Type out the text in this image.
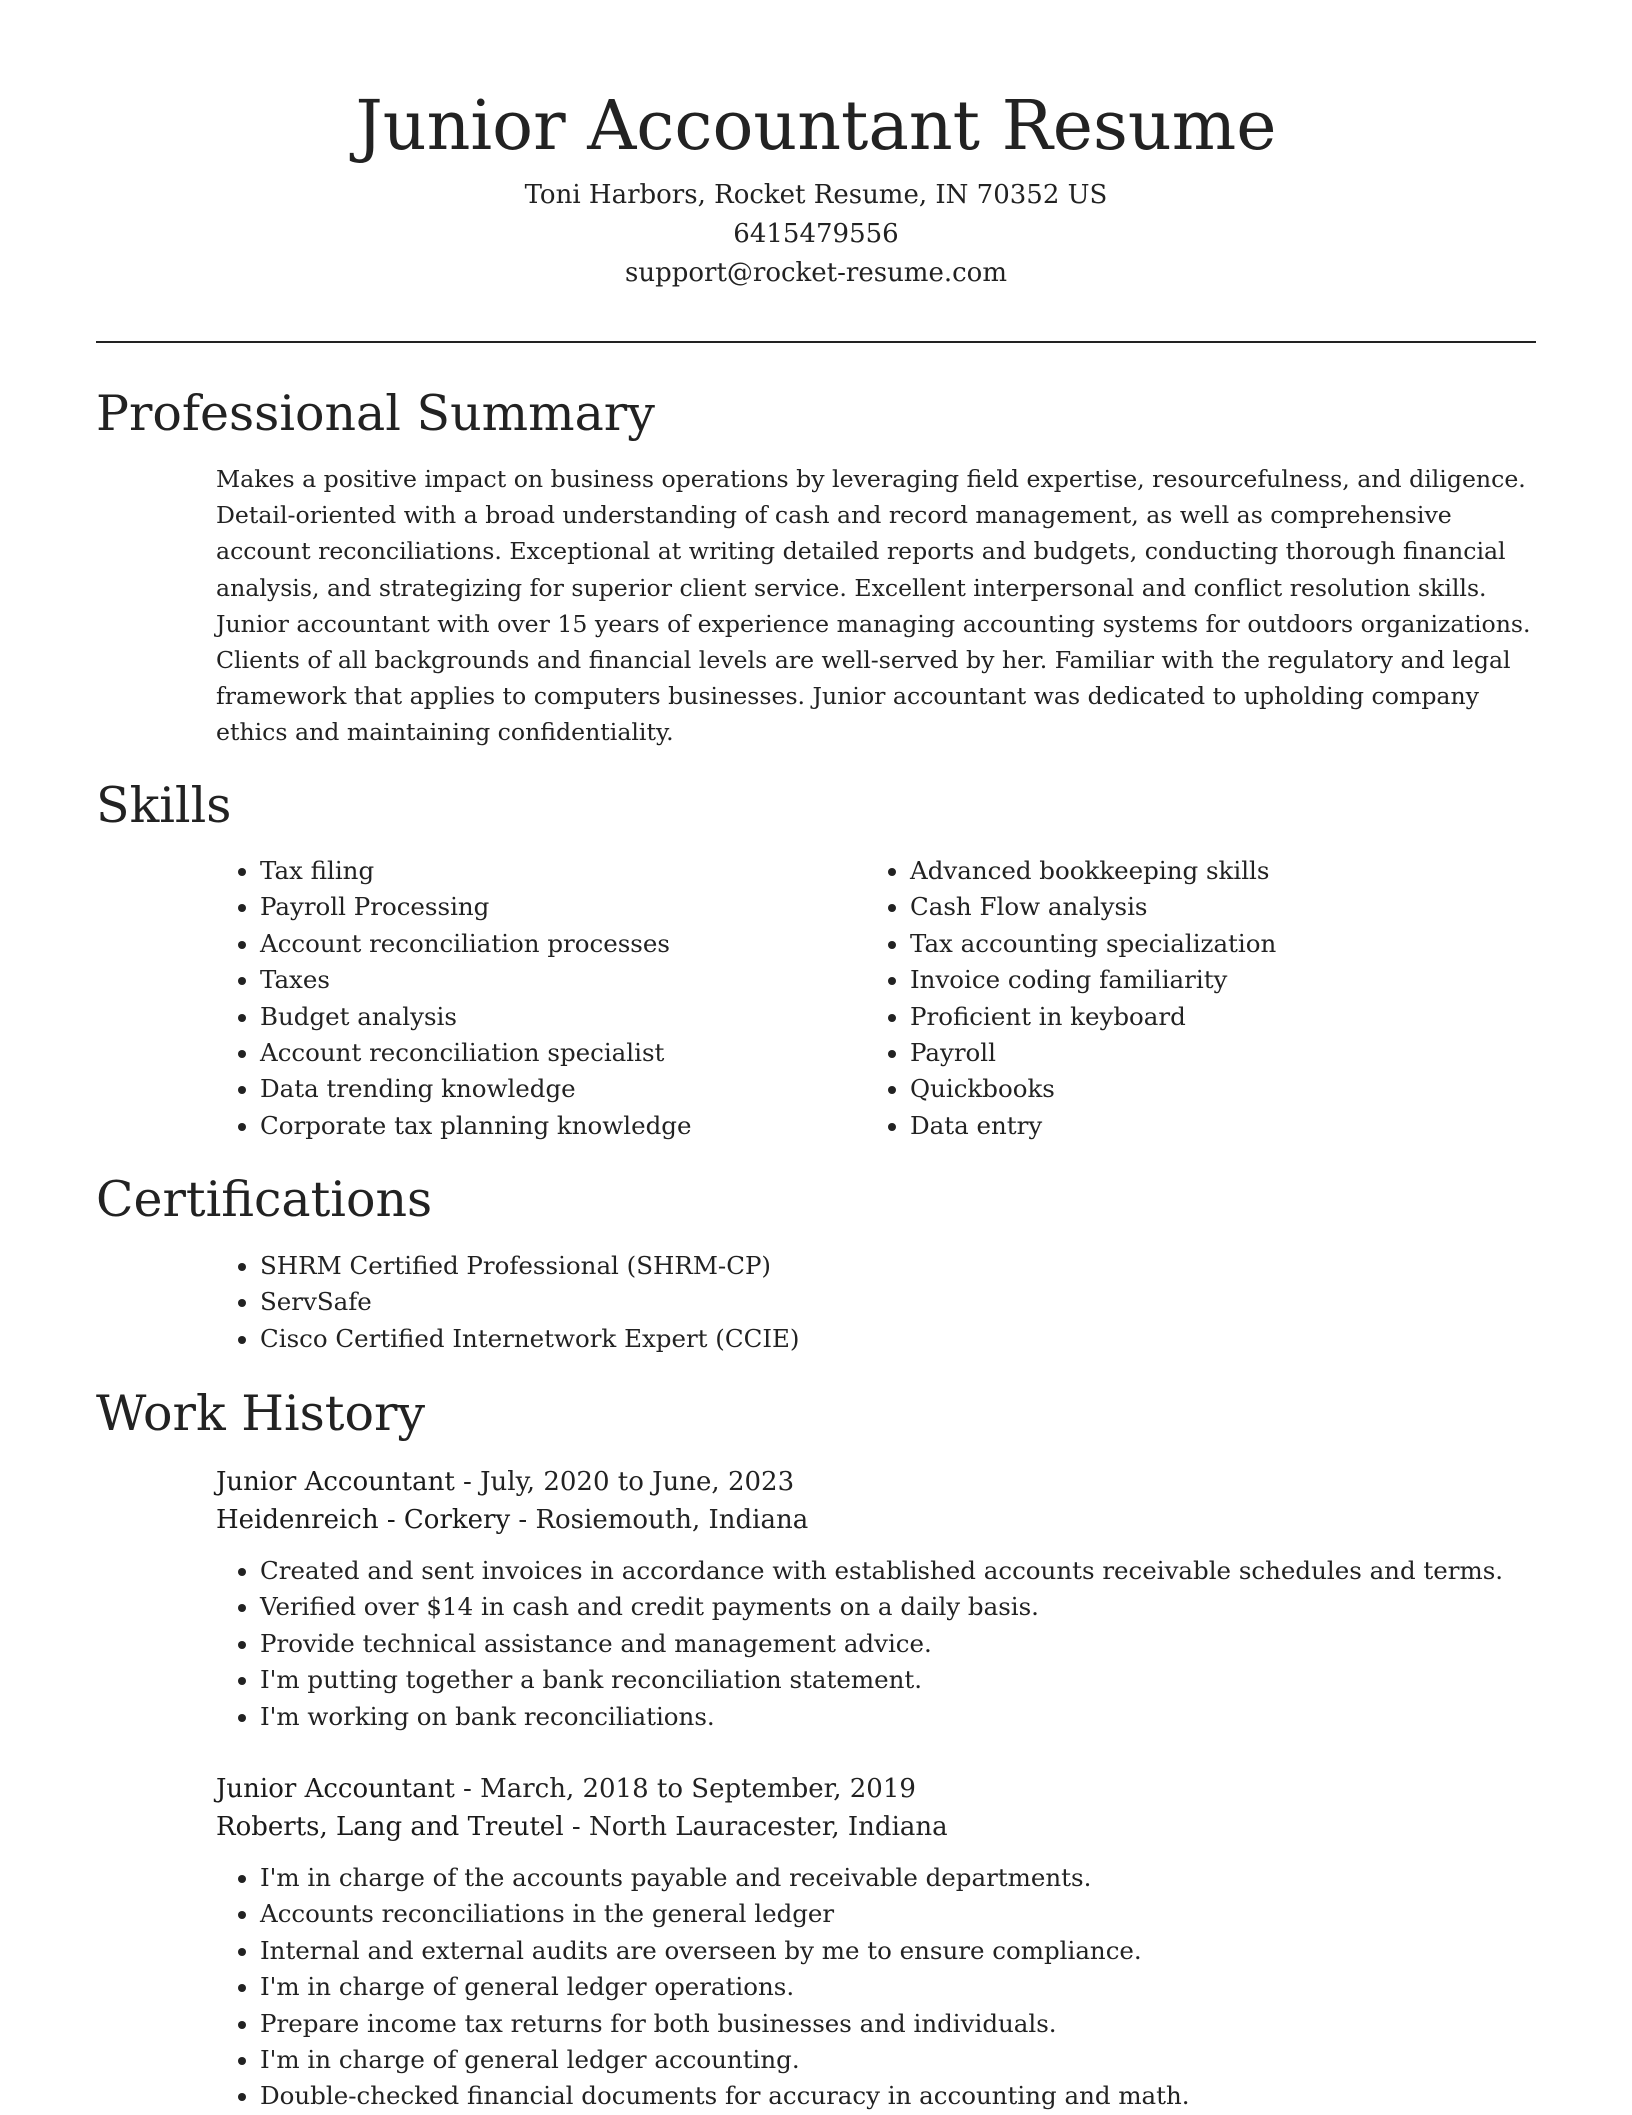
Junior Accountant Resume
Toni Harbors, Rocket Resume, IN 70352 US
6415479556
support@rocket-resume.com
Professional Summary

Makes a positive impact on business operations by leveraging field expertise, resourcefulness, and diligence. Detail-oriented with a broad understanding of cash and record management, as well as comprehensive account reconciliations. Exceptional at writing detailed reports and budgets, conducting thorough financial analysis, and strategizing for superior client service. Excellent interpersonal and conflict resolution skills. Junior accountant with over 15 years of experience managing accounting systems for outdoors organizations. Clients of all backgrounds and financial levels are well-served by her. Familiar with the regulatory and legal framework that applies to computers businesses. Junior accountant was dedicated to upholding company ethics and maintaining confidentiality.

Skills
• Tax filing
• Payroll Processing
• Account reconciliation processes
• Taxes
• Budget analysis
• Account reconciliation specialist
• Data trending knowledge
• Corporate tax planning knowledge
• Advanced bookkeeping skills
• Cash Flow analysis
• Tax accounting specialization
• Invoice coding familiarity
• Proficient in keyboard
• Payroll
• Quickbooks
• Data entry
Certifications
• SHRM Certified Professional (SHRM-CP)
• ServSafe
• Cisco Certified Internetwork Expert (CCIE)
Work History
Junior Accountant - July, 2020 to June, 2023
Heidenreich - Corkery - Rosiemouth, Indiana
• Created and sent invoices in accordance with established accounts receivable schedules and terms.
• Verified over $14 in cash and credit payments on a daily basis.
• Provide technical assistance and management advice.
• I'm putting together a bank reconciliation statement.
• I'm working on bank reconciliations.
Junior Accountant - March, 2018 to September, 2019
Roberts, Lang and Treutel - North Lauracester, Indiana
• I'm in charge of the accounts payable and receivable departments.
• Accounts reconciliations in the general ledger
• Internal and external audits are overseen by me to ensure compliance.
• I'm in charge of general ledger operations.
• Prepare income tax returns for both businesses and individuals.
• I'm in charge of general ledger accounting.
• Double-checked financial documents for accuracy in accounting and math.
